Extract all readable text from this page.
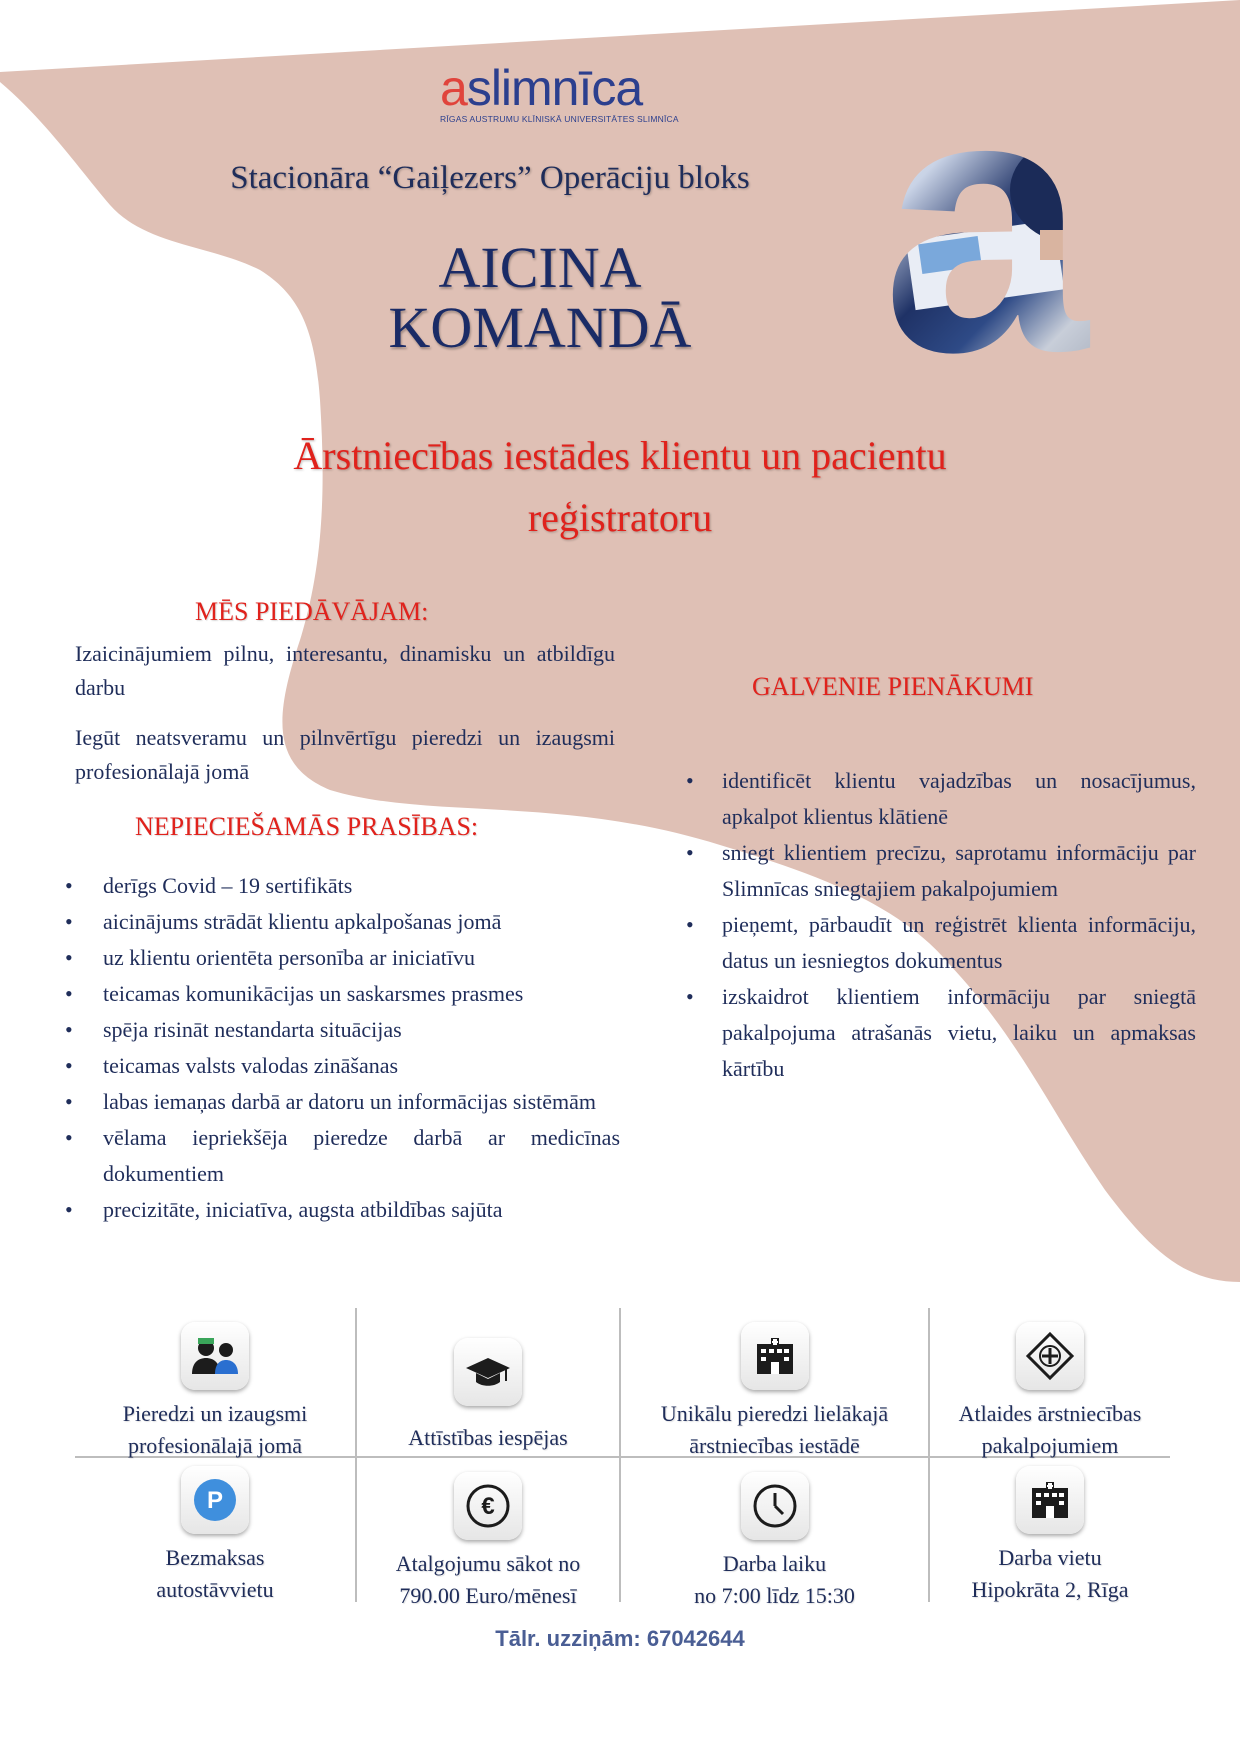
aslimnīca
RĪGAS AUSTRUMU KLĪNISKĀ UNIVERSITĀTES SLIMNĪCA
Stacionāra “Gaiļezers” Operāciju bloks
AICINA
KOMANDĀ
Ārstniecības iestādes klientu un pacientu
reģistratoru
MĒS PIEDĀVĀJAM:
Izaicinājumiem pilnu, interesantu, dinamisku un atbildīgu darbu
Iegūt neatsveramu un pilnvērtīgu pieredzi un izaugsmi profesionālajā jomā
NEPIECIEŠAMĀS PRASĪBAS:
• derīgs Covid – 19 sertifikāts
• aicinājums strādāt klientu apkalpošanas jomā
• uz klientu orientēta personība ar iniciatīvu
• teicamas komunikācijas un saskarsmes prasmes
• spēja risināt nestandarta situācijas
• teicamas valsts valodas zināšanas
• labas iemaņas darbā ar datoru un informācijas sistēmām
• vēlama iepriekšēja pieredze darbā ar medicīnas dokumentiem
• precizitāte, iniciatīva, augsta atbildības sajūta
GALVENIE PIENĀKUMI
• identificēt klientu vajadzības un nosacījumus, apkalpot klientus klātienē
• sniegt klientiem precīzu, saprotamu informāciju par Slimnīcas sniegtajiem pakalpojumiem
• pieņemt, pārbaudīt un reģistrēt klienta informāciju, datus un iesniegtos dokumentus
• izskaidrot klientiem informāciju par sniegtā pakalpojuma atrašanās vietu, laiku un apmaksas kārtību
Pieredzi un izaugsmi
profesionālajā jomā	Attīstības iespējas
Unikālu pieredzi lielākajā
ārstniecības iestādē
Atlaides ārstniecības
pakalpojumiem
P
Bezmaksas
autostāvvietu
€
Atalgojumu sākot no
790.00 Euro/mēnesī
Darba laiku
no 7:00 līdz 15:30
Darba vietu
Hipokrāta 2, Rīga
Tālr. uzziņām: 67042644
